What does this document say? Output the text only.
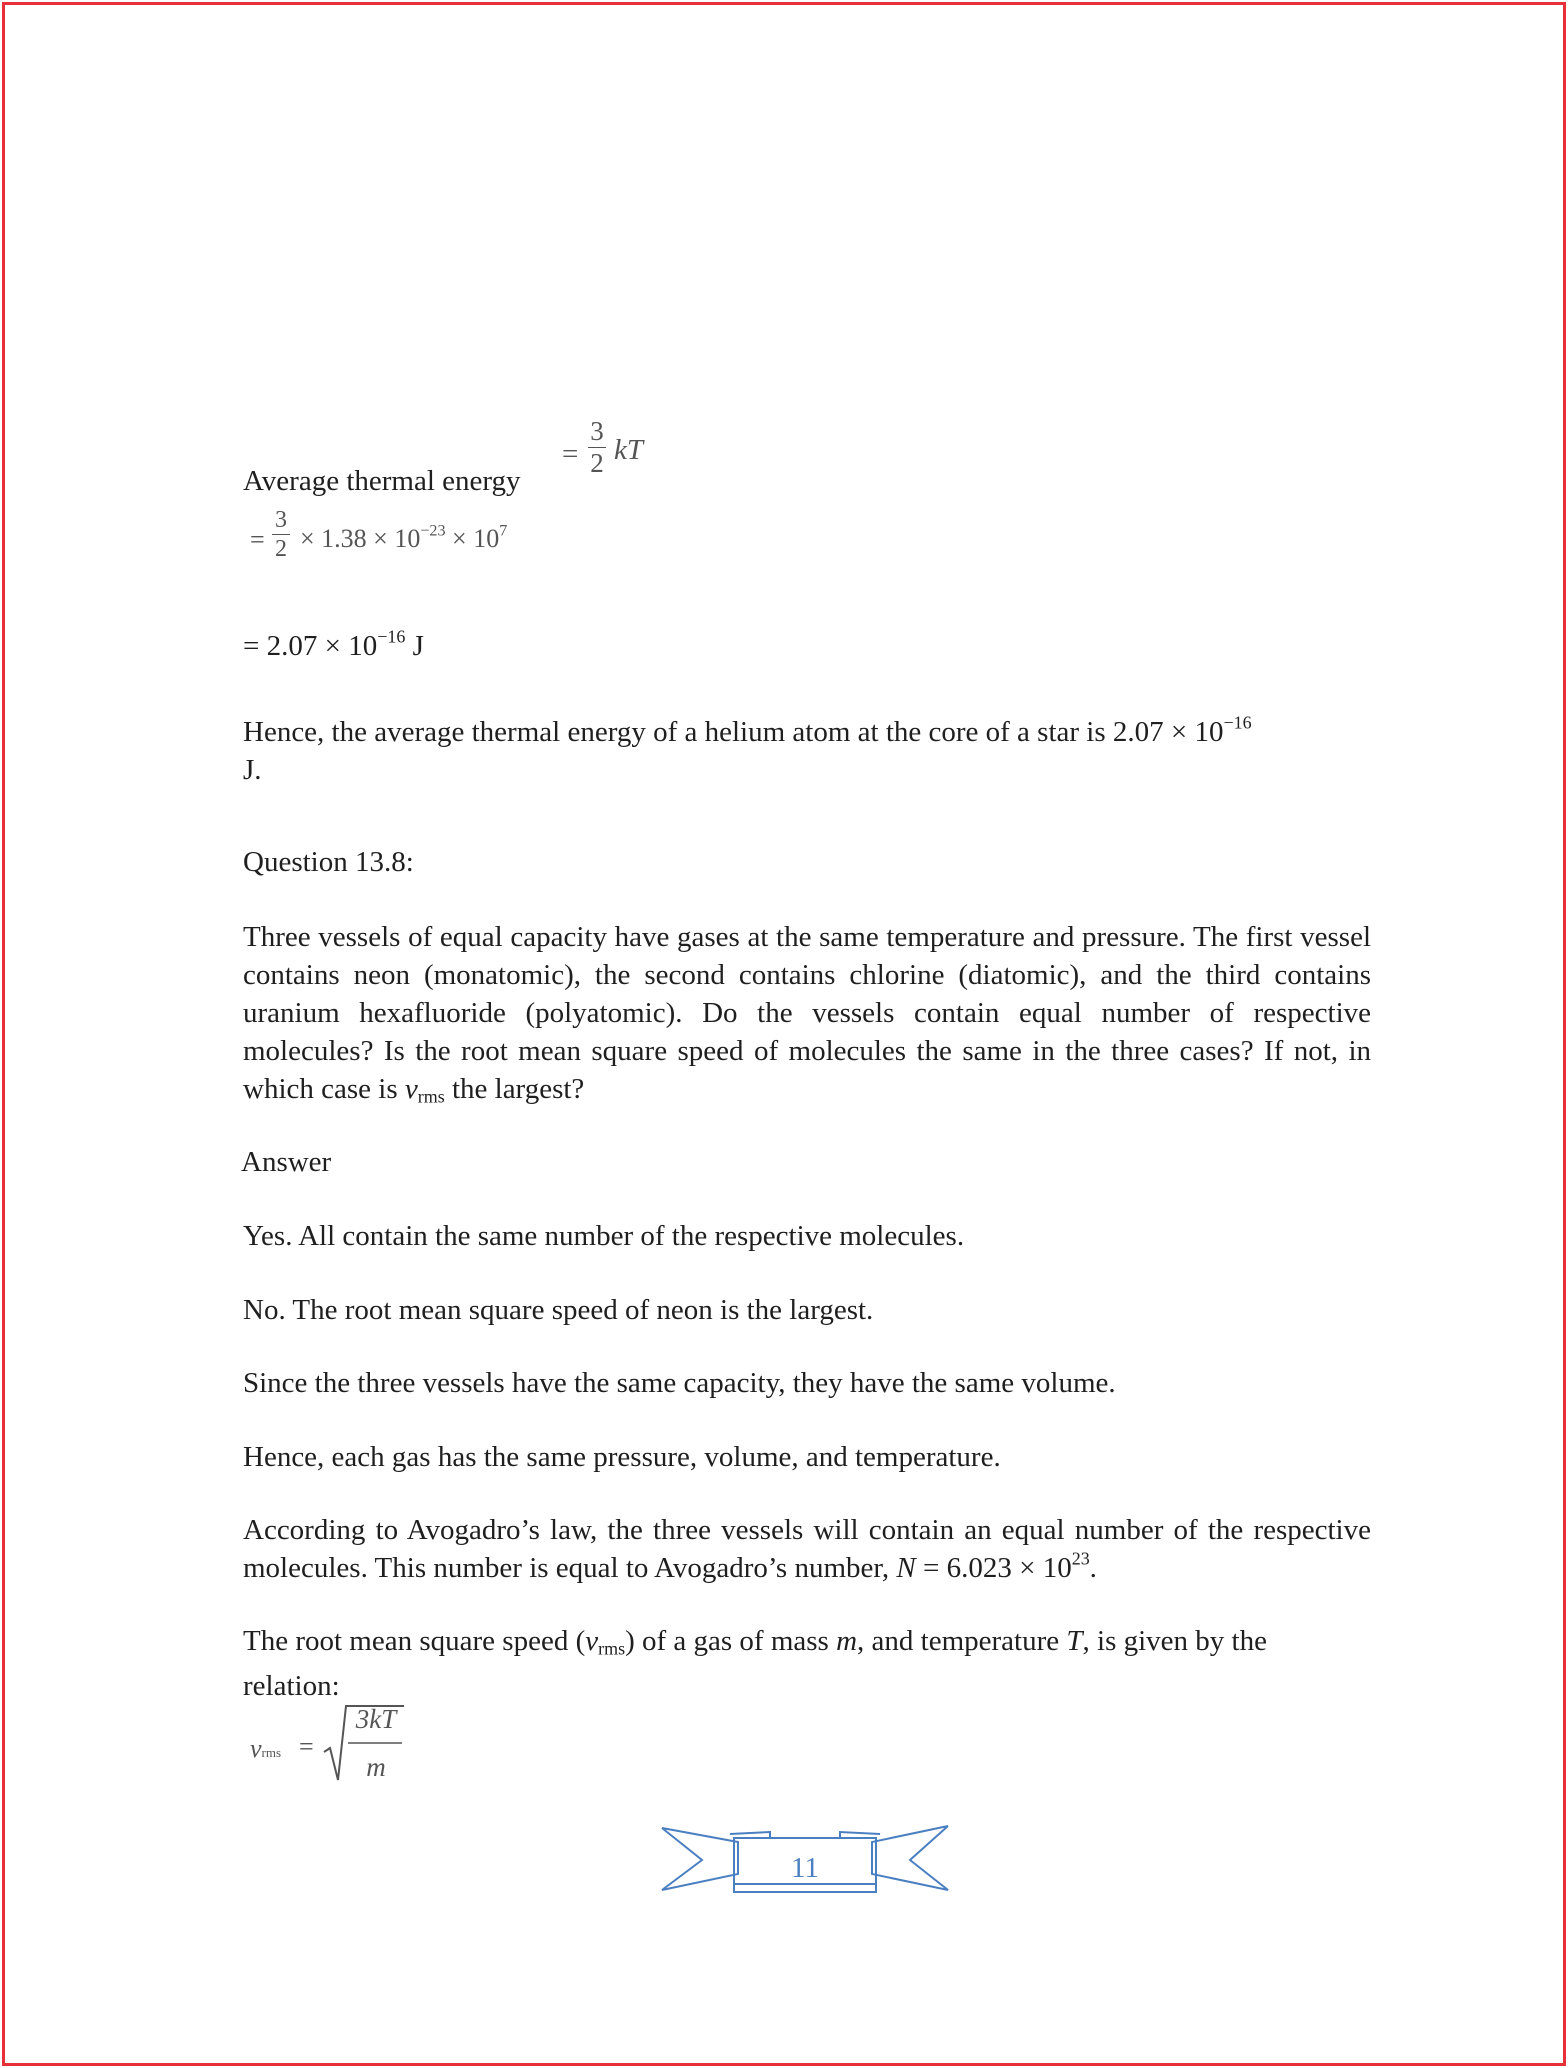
Average thermal energy
=
3
2 kT
=
3
$2 \times 1.38 \times 10^{-23} \times 10^7$
= $2.07 \times 10^{-16}$ J
Hence, the average thermal energy of a helium atom at the core of a star is $2.07 \times 10^{-16}$
J.
Question 13.8:
Three vessels of equal capacity have gases at the same temperature and pressure. The first vessel contains neon (monatomic), the second contains chlorine (diatomic), and the third contains uranium hexafluoride (polyatomic). Do the vessels contain equal number of respective molecules? Is the root mean square speed of molecules the same in the three cases? If not, in which case is vrms the largest?
Answer
Yes. All contain the same number of the respective molecules.
No. The root mean square speed of neon is the largest.
Since the three vessels have the same capacity, they have the same volume.
Hence, each gas has the same pressure, volume, and temperature.
According to Avogadro’s law, the three vessels will contain an equal number of the respective molecules. This number is equal to Avogadro’s number, $N = 6.023 \times 10^{23}$.
The root mean square speed (vrms) of a gas of mass m, and temperature T, is given by the relation:
vrms =
3kT
m
11
